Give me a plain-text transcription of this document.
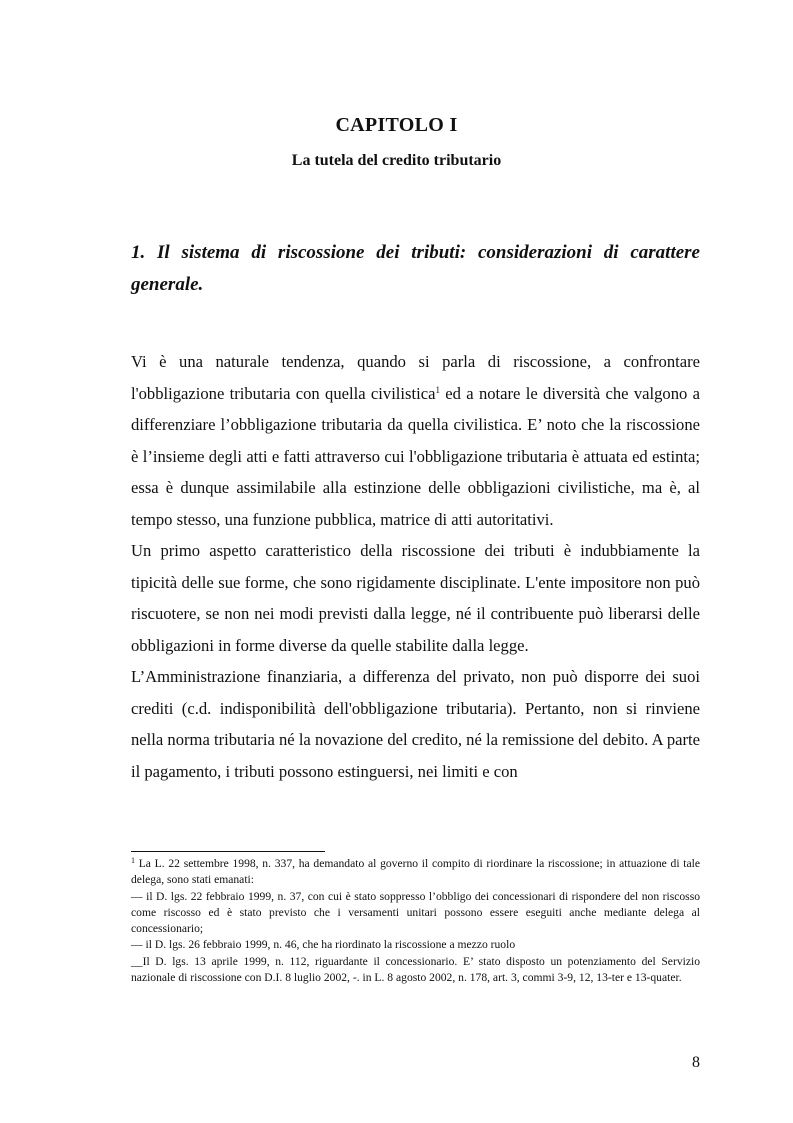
CAPITOLO I
La tutela del credito tributario
1. Il sistema di riscossione dei tributi: considerazioni di carattere generale.

Vi è una naturale tendenza, quando si parla di riscossione, a confrontare l'obbligazione tributaria con quella civilistica$^1$ ed a notare le diversità che valgono a differenziare l’obbligazione tributaria da quella civilistica. E’ noto che la riscossione è l’insieme degli atti e fatti attraverso cui l'obbligazione tributaria è attuata ed estinta; essa è dunque assimilabile alla estinzione delle obbligazioni civilistiche, ma è, al tempo stesso, una funzione pubblica, matrice di atti autoritativi.

Un primo aspetto caratteristico della riscossione dei tributi è indubbiamente la tipicità delle sue forme, che sono rigidamente disciplinate. L'ente impositore non può riscuotere, se non nei modi previsti dalla legge, né il contribuente può liberarsi delle obbligazioni in forme diverse da quelle stabilite dalla legge.

L’Amministrazione finanziaria, a differenza del privato, non può disporre dei suoi crediti (c.d. indisponibilità dell'obbligazione tributaria). Pertanto, non si rinviene nella norma tributaria né la novazione del credito, né la remissione del debito. A parte il pagamento, i tributi possono estinguersi, nei limiti e con

$^1$ La L. 22 settembre 1998, n. 337, ha demandato al governo il compito di riordinare la riscossione; in attuazione di tale delega, sono stati emanati:

— il D. lgs. 22 febbraio 1999, n. 37, con cui è stato soppresso l’obbligo dei concessionari di rispondere del non riscosso come riscosso ed è stato previsto che i versamenti unitari possono essere eseguiti anche mediante delega al concessionario;

— il D. lgs. 26 febbraio 1999, n. 46, che ha riordinato la riscossione a mezzo ruolo

__Il D. lgs. 13 aprile 1999, n. 112, riguardante il concessionario. E’ stato disposto un potenziamento del Servizio nazionale di riscossione con D.I. 8 luglio 2002, -. in L. 8 agosto 2002, n. 178, art. 3, commi 3-9, 12, 13-ter e 13-quater.

8
